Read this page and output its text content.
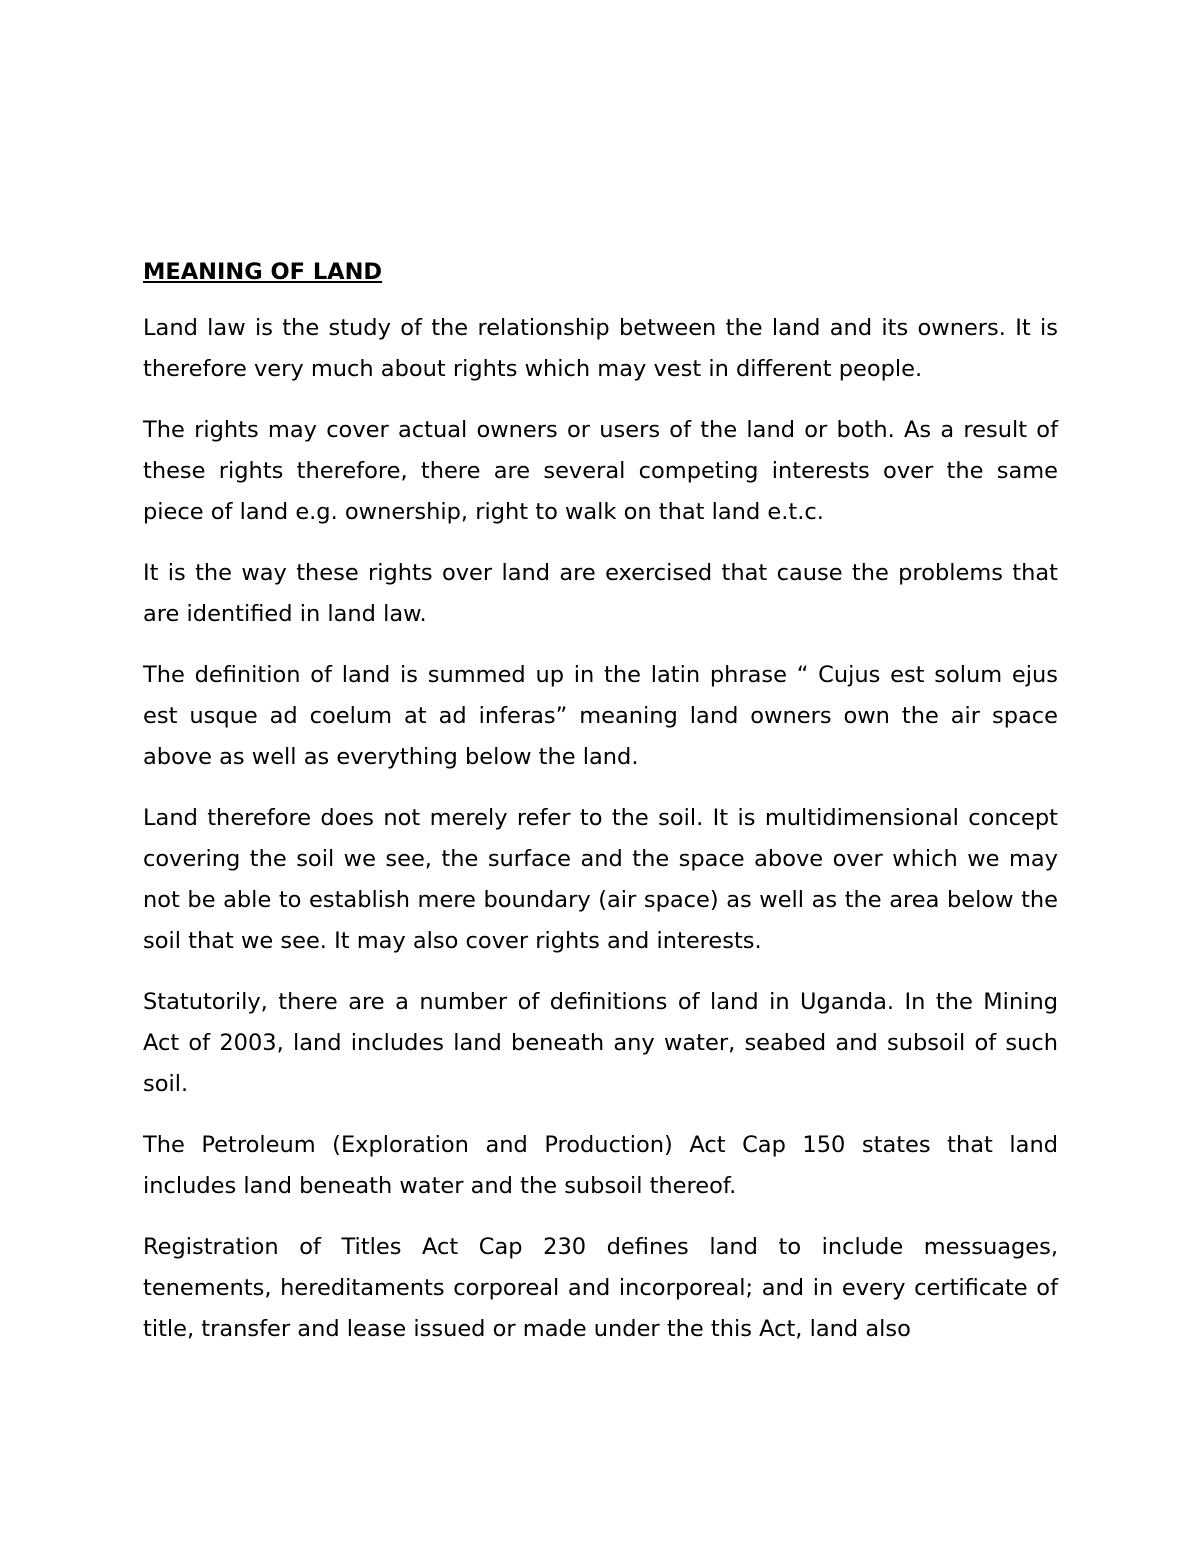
MEANING OF LAND

Land law is the study of the relationship between the land and its owners. It is therefore very much about rights which may vest in different people.

The rights may cover actual owners or users of the land or both. As a result of these rights therefore, there are several competing interests over the same piece of land e.g. ownership, right to walk on that land e.t.c.

It is the way these rights over land are exercised that cause the problems that are identified in land law.

The definition of land is summed up in the latin phrase “ Cujus est solum ejus est usque ad coelum at ad inferas” meaning land owners own the air space above as well as everything below the land.

Land therefore does not merely refer to the soil. It is multidimensional concept covering the soil we see, the surface and the space above over which we may not be able to establish mere boundary (air space) as well as the area below the soil that we see. It may also cover rights and interests.

Statutorily, there are a number of definitions of land in Uganda. In the Mining Act of 2003, land includes land beneath any water, seabed and subsoil of such soil.

The Petroleum (Exploration and Production) Act Cap 150 states that land includes land beneath water and the subsoil thereof.

Registration of Titles Act Cap 230 defines land to include messuages, tenements, hereditaments corporeal and incorporeal; and in every certificate of title, transfer and lease issued or made under the this Act, land also
